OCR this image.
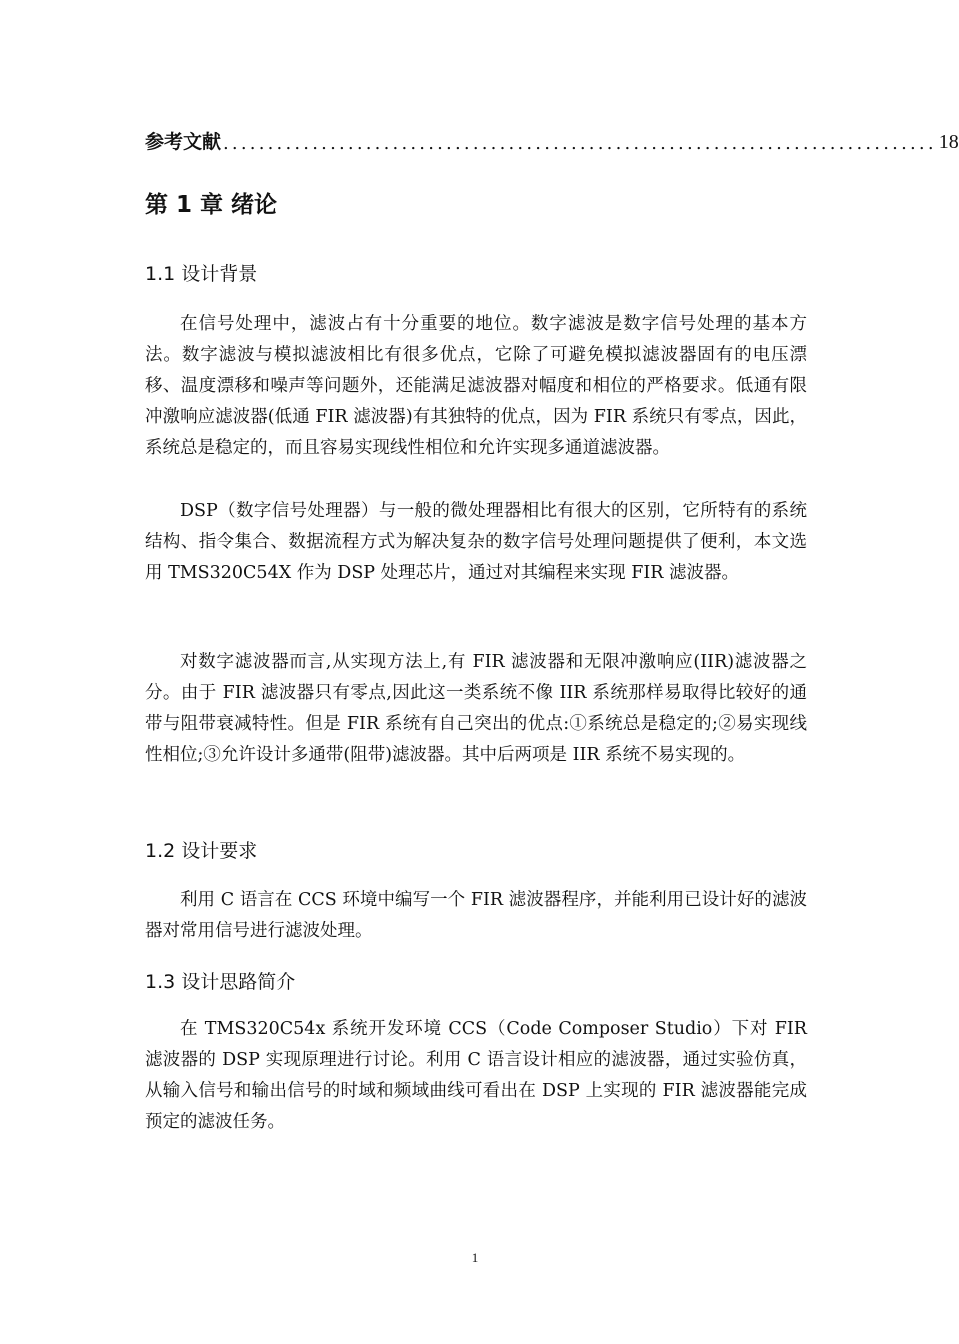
参考文献 ................................................................................ 18
第 1 章 绪论
1.1 设计背景

在信号处理中，滤波占有十分重要的地位。数字滤波是数字信号处理的基本方法。数字滤波与模拟滤波相比有很多优点，它除了可避免模拟滤波器固有的电压漂移、温度漂移和噪声等问题外，还能满足滤波器对幅度和相位的严格要求。低通有限冲激响应滤波器(低通 FIR 滤波器)有其独特的优点，因为 FIR 系统只有零点，因此，系统总是稳定的，而且容易实现线性相位和允许实现多通道滤波器。

DSP（数字信号处理器）与一般的微处理器相比有很大的区别，它所特有的系统结构、指令集合、数据流程方式为解决复杂的数字信号处理问题提供了便利，本文选用 TMS320C54X 作为 DSP 处理芯片，通过对其编程来实现 FIR 滤波器。

对数字滤波器而言,从实现方法上,有 FIR 滤波器和无限冲激响应(IIR)滤波器之分。由于 FIR 滤波器只有零点,因此这一类系统不像 IIR 系统那样易取得比较好的通带与阻带衰减特性。但是 FIR 系统有自己突出的优点:①系统总是稳定的;②易实现线性相位;③允许设计多通带(阻带)滤波器。其中后两项是 IIR 系统不易实现的。

1.2 设计要求

利用 C 语言在 CCS 环境中编写一个 FIR 滤波器程序，并能利用已设计好的滤波器对常用信号进行滤波处理。

1.3 设计思路简介

在 TMS320C54x 系统开发环境 CCS（Code Composer Studio）下对 FIR 滤波器的 DSP 实现原理进行讨论。利用 C 语言设计相应的滤波器，通过实验仿真，从输入信号和输出信号的时域和频域曲线可看出在 DSP 上实现的 FIR 滤波器能完成预定的滤波任务。

1
